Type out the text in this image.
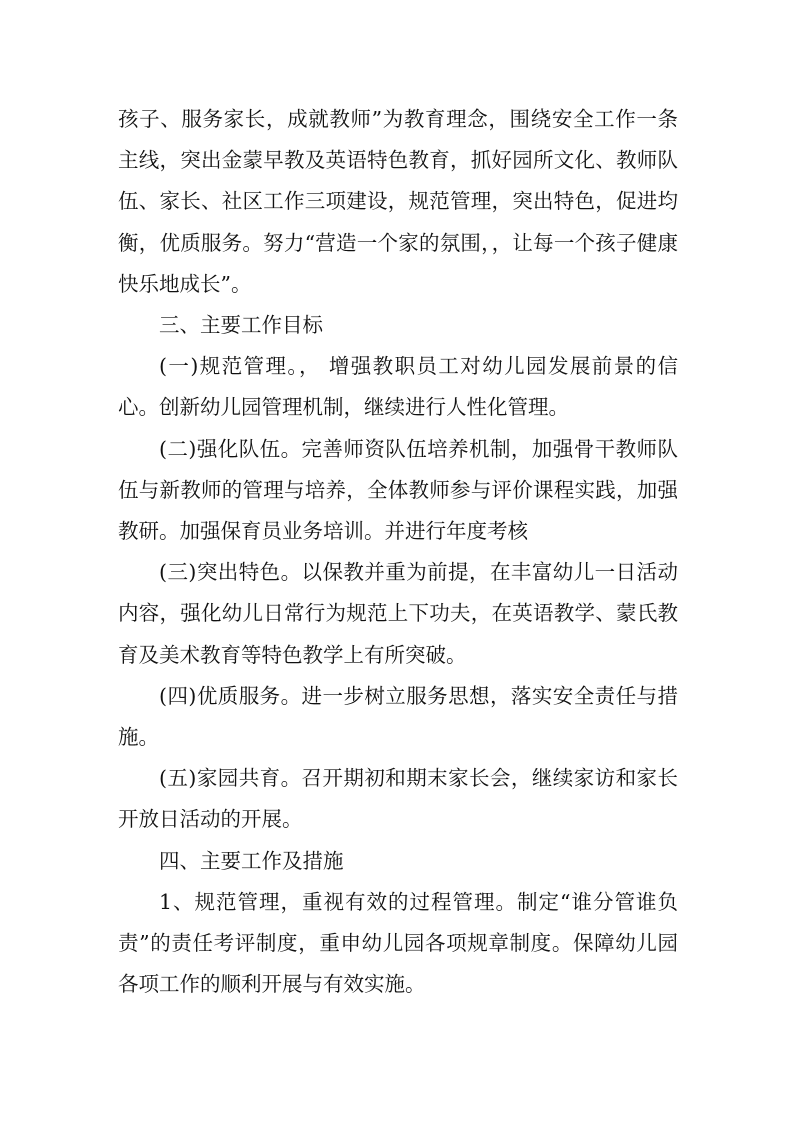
孩子、服务家长，成就教师”为教育理念，围绕安全工作一条主线，突出金蒙早教及英语特色教育，抓好园所文化、教师队伍、家长、社区工作三项建设，规范管理，突出特色，促进均衡，优质服务。努力“营造一个家的氛围，，让每一个孩子健康快乐地成长”。

三、主要工作目标

(一)规范管理。， 增强教职员工对幼儿园发展前景的信心。创新幼儿园管理机制，继续进行人性化管理。

(二)强化队伍。完善师资队伍培养机制，加强骨干教师队伍与新教师的管理与培养，全体教师参与评价课程实践，加强教研。加强保育员业务培训。并进行年度考核

(三)突出特色。以保教并重为前提，在丰富幼儿一日活动内容，强化幼儿日常行为规范上下功夫，在英语教学、蒙氏教育及美术教育等特色教学上有所突破。

(四)优质服务。进一步树立服务思想，落实安全责任与措施。

(五)家园共育。召开期初和期末家长会，继续家访和家长开放日活动的开展。

四、主要工作及措施

1、规范管理，重视有效的过程管理。制定“谁分管谁负责”的责任考评制度，重申幼儿园各项规章制度。保障幼儿园各项工作的顺利开展与有效实施。
